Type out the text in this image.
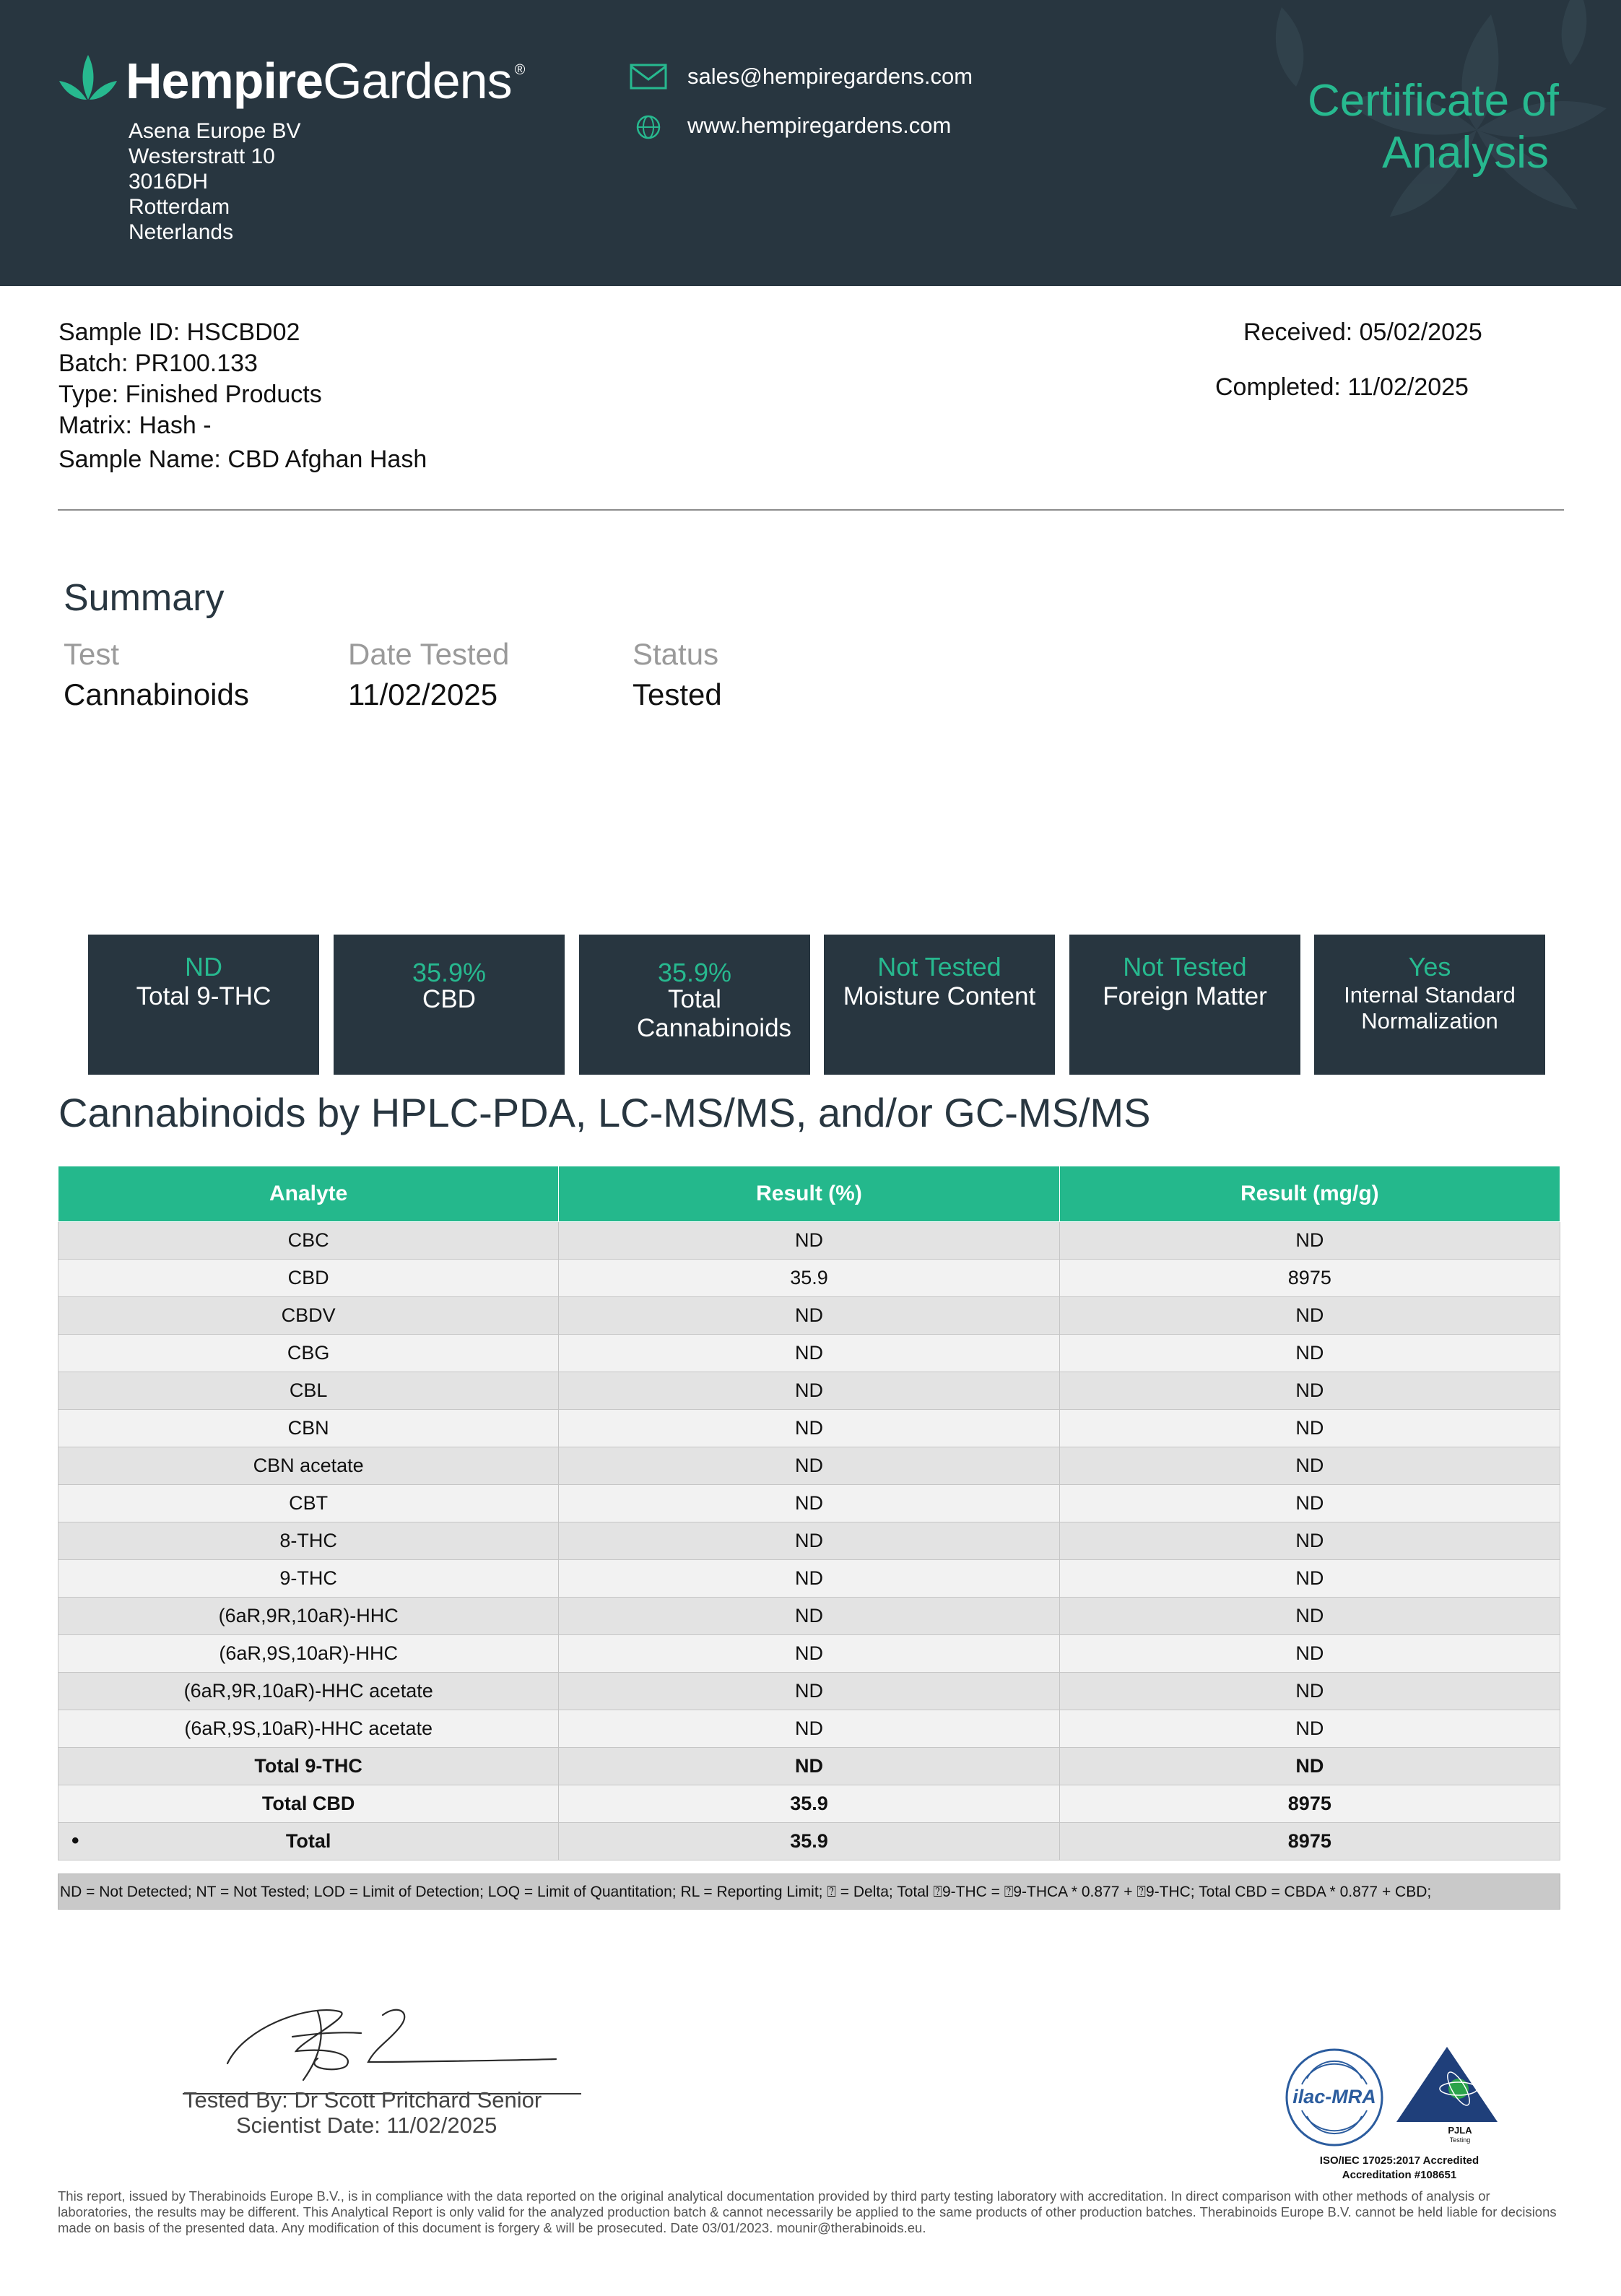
HempireGardens ®
Asena Europe BV
Westerstratt 10
3016DH
Rotterdam
Neterlands
sales@hempiregardens.com
www.hempiregardens.com	Certificate of
Analysis
Sample ID: HSCBD02
Batch: PR100.133
Type: Finished Products
Matrix: Hash -
Sample Name: CBD Afghan Hash
Received: 05/02/2025
Completed: 11/02/2025
Summary
Test	Date Tested	Status
Cannabinoids	11/02/2025	Tested
ND
Total 9-THC
35.9%
CBD
35.9%
Total Cannabinoids
Not Tested
Moisture Content
Not Tested
Foreign Matter
Yes
Internal Standard Normalization
Cannabinoids by HPLC-PDA, LC-MS/MS, and/or GC-MS/MS
Analyte	Result (%)	Result (mg/g)
CBC	ND	ND
CBD	35.9	8975
CBDV	ND	ND
CBG	ND	ND
CBL	ND	ND
CBN	ND	ND
CBN acetate	ND	ND
CBT	ND	ND
8-THC	ND	ND
9-THC	ND	ND
(6aR,9R,10aR)-HHC	ND	ND
(6aR,9S,10aR)-HHC	ND	ND
(6aR,9R,10aR)-HHC acetate	ND	ND
(6aR,9S,10aR)-HHC acetate	ND	ND
Total 9-THC	ND	ND
Total CBD	35.9	8975

• Total	35.9	8975
ND = Not Detected; NT = Not Tested; LOD = Limit of Detection; LOQ = Limit of Quantitation; RL = Reporting Limit; ⍰ = Delta; Total ⍰9-THC = ⍰9-THCA * 0.877 + ⍰9-THC; Total CBD = CBDA * 0.877 + CBD;
Tested By: Dr Scott Pritchard Senior
Scientist Date: 11/02/2025
ilac-MRA
PJLA
Testing
ISO/IEC 17025:2017 Accredited
Accreditation #108651
This report, issued by Therabinoids Europe B.V., is in compliance with the data reported on the original analytical documentation provided by third party testing laboratory with accreditation. In direct comparison with other methods of analysis or laboratories, the results may be different. This Analytical Report is only valid for the analyzed production batch & cannot necessarily be applied to the same products of other production batches. Therabinoids Europe B.V. cannot be held liable for decisions made on basis of the presented data. Any modification of this document is forgery & will be prosecuted. Date 03/01/2023. mounir@therabinoids.eu.
